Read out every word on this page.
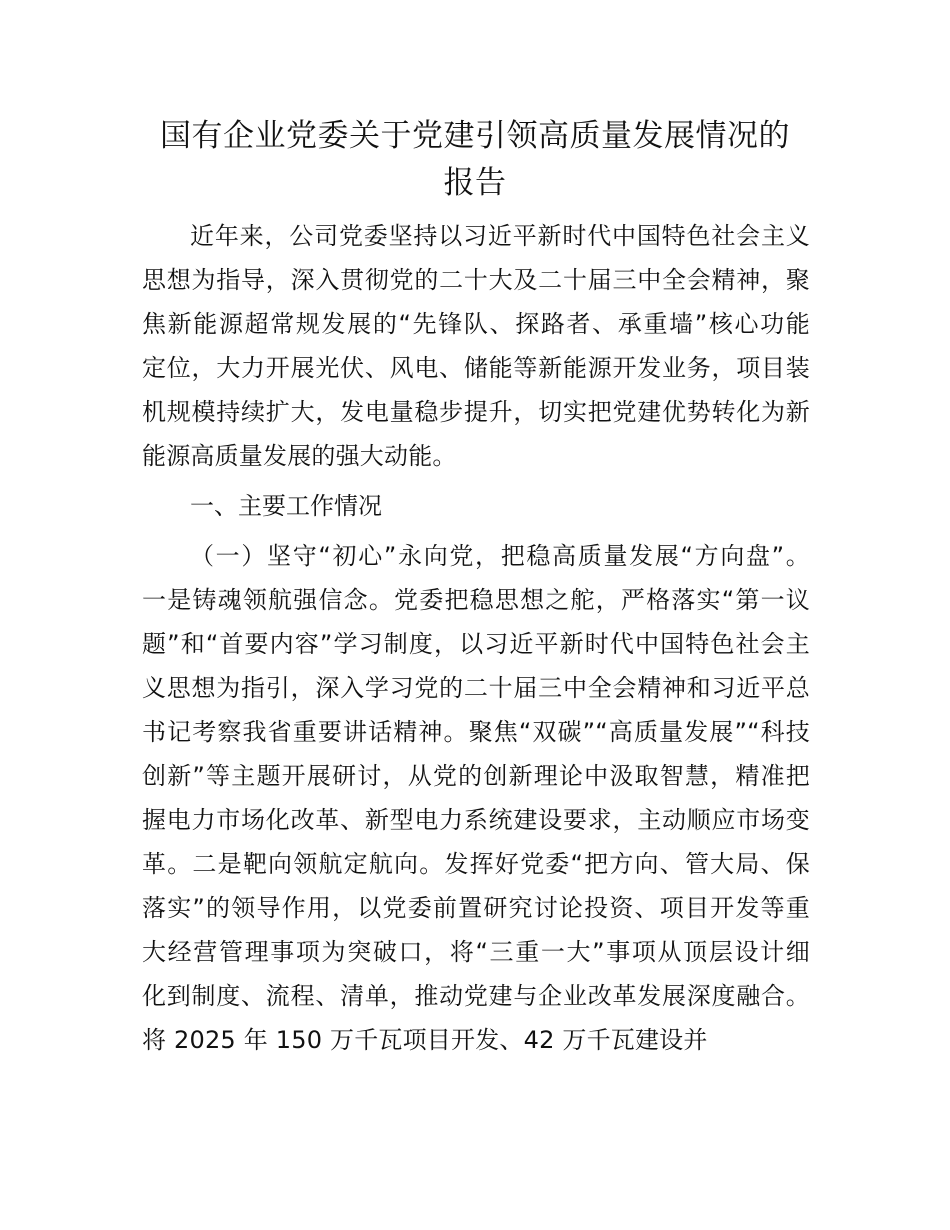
国有企业党委关于党建引领高质量发展情况的
报告
近年来，公司党委坚持以习近平新时代中国特色社会主义
思想为指导，深入贯彻党的二十大及二十届三中全会精神，聚
焦新能源超常规发展的“先锋队、探路者、承重墙”核心功能
定位，大力开展光伏、风电、储能等新能源开发业务，项目装
机规模持续扩大，发电量稳步提升，切实把党建优势转化为新
能源高质量发展的强大动能。
一、主要工作情况
（一）坚守“初心”永向党，把稳高质量发展“方向盘”。
一是铸魂领航强信念。党委把稳思想之舵，严格落实“第一议
题”和“首要内容”学习制度，以习近平新时代中国特色社会主
义思想为指引，深入学习党的二十届三中全会精神和习近平总
书记考察我省重要讲话精神。聚焦“双碳”“高质量发展”“科技
创新”等主题开展研讨，从党的创新理论中汲取智慧，精准把
握电力市场化改革、新型电力系统建设要求，主动顺应市场变
革。二是靶向领航定航向。发挥好党委“把方向、管大局、保
落实”的领导作用，以党委前置研究讨论投资、项目开发等重
大经营管理事项为突破口，将“三重一大”事项从顶层设计细
化到制度、流程、清单，推动党建与企业改革发展深度融合。
将 2025 年 150 万千瓦项目开发、42 万千瓦建设并
